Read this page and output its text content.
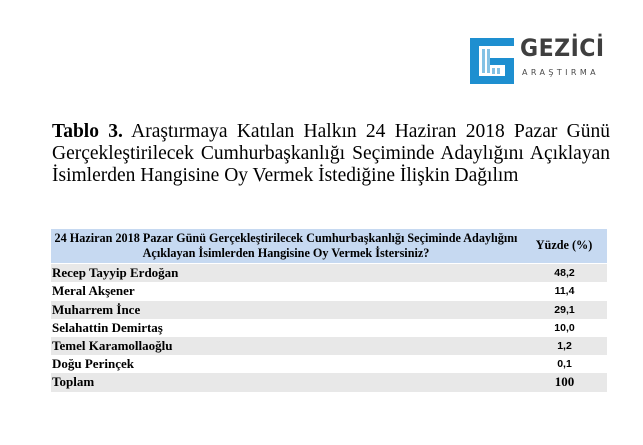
GEZİCİ
ARAŞTIRMA
Tablo 3. Araştırmaya Katılan Halkın 24 Haziran 2018 Pazar Günü Gerçekleştirilecek Cumhurbaşkanlığı Seçiminde Adaylığını Açıklayan İsimlerden Hangisine Oy Vermek İstediğine İlişkin Dağılım
24 Haziran 2018 Pazar Günü Gerçekleştirilecek Cumhurbaşkanlığı Seçiminde Adaylığını Açıklayan İsimlerden Hangisine Oy Vermek İstersiniz?	Yüzde (%)
Recep Tayyip Erdoğan	48,2
Meral Akşener	11,4
Muharrem İnce	29,1
Selahattin Demirtaş	10,0
Temel Karamollaoğlu	1,2
Doğu Perinçek	0,1
Toplam	100
